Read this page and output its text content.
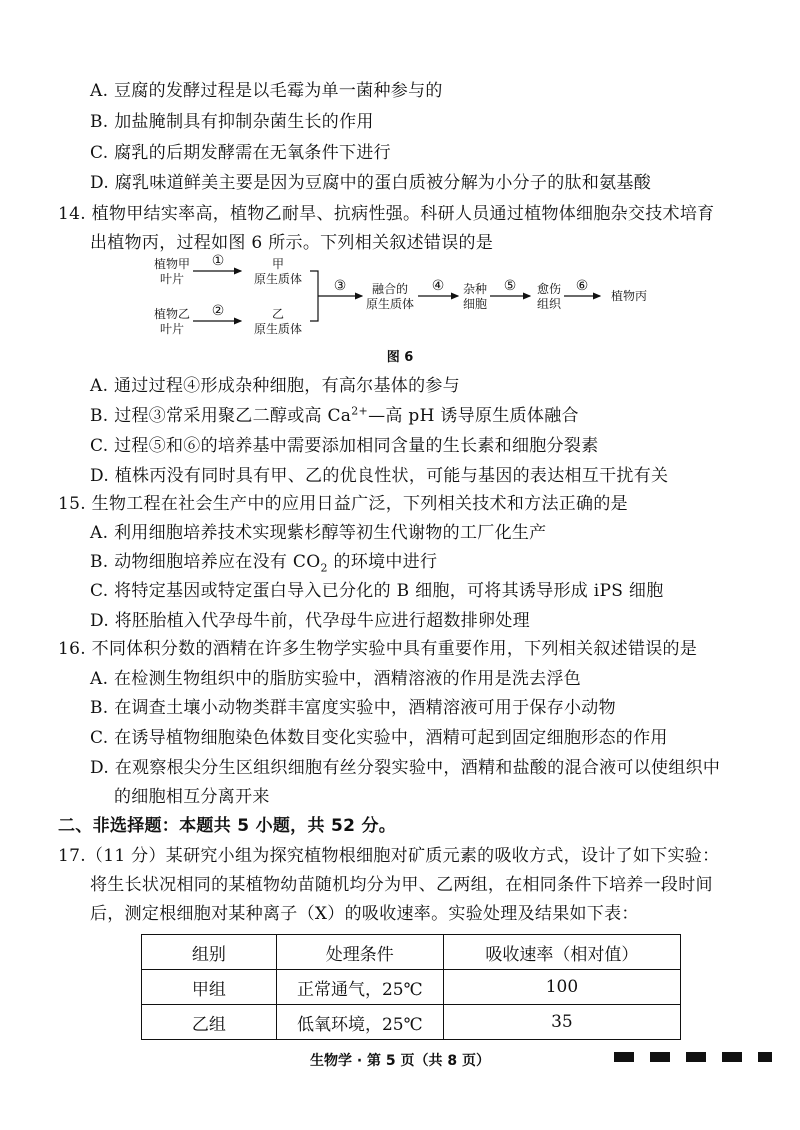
A. 豆腐的发酵过程是以毛霉为单一菌种参与的
B. 加盐腌制具有抑制杂菌生长的作用
C. 腐乳的后期发酵需在无氧条件下进行
D. 腐乳味道鲜美主要是因为豆腐中的蛋白质被分解为小分子的肽和氨基酸
14. 植物甲结实率高，植物乙耐旱、抗病性强。科研人员通过植物体细胞杂交技术培育
出植物丙，过程如图 6 所示。下列相关叙述错误的是
植物甲
叶片
植物乙
叶片
①
②
甲
原生质体
乙
原生质体
③	融合的
原生质体
④	杂种
细胞
⑤	愈伤
组织
⑥
植物丙
图 6
A. 通过过程④形成杂种细胞，有高尔基体的参与
B. 过程③常采用聚乙二醇或高 $Ca^{2+}—$高 pH 诱导原生质体融合
C. 过程⑤和⑥的培养基中需要添加相同含量的生长素和细胞分裂素
D. 植株丙没有同时具有甲、乙的优良性状，可能与基因的表达相互干扰有关
15. 生物工程在社会生产中的应用日益广泛，下列相关技术和方法正确的是
A. 利用细胞培养技术实现紫杉醇等初生代谢物的工厂化生产
B. 动物细胞培养应在没有 $CO_2$ 的环境中进行
C. 将特定基因或特定蛋白导入已分化的 B 细胞，可将其诱导形成 iPS 细胞
D. 将胚胎植入代孕母牛前，代孕母牛应进行超数排卵处理
16. 不同体积分数的酒精在许多生物学实验中具有重要作用，下列相关叙述错误的是
A. 在检测生物组织中的脂肪实验中，酒精溶液的作用是洗去浮色
B. 在调查土壤小动物类群丰富度实验中，酒精溶液可用于保存小动物
C. 在诱导植物细胞染色体数目变化实验中，酒精可起到固定细胞形态的作用
D. 在观察根尖分生区组织细胞有丝分裂实验中，酒精和盐酸的混合液可以使组织中
的细胞相互分离开来
二、非选择题：本题共 5 小题，共 52 分。
17.（11 分）某研究小组为探究植物根细胞对矿质元素的吸收方式，设计了如下实验：
将生长状况相同的某植物幼苗随机均分为甲、乙两组，在相同条件下培养一段时间
后，测定根细胞对某种离子（X）的吸收速率。实验处理及结果如下表：
组别	处理条件	吸收速率（相对值）
甲组	正常通气，25℃	100
乙组	低氧环境，25℃	35
生物学 · 第 5 页（共 8 页）
